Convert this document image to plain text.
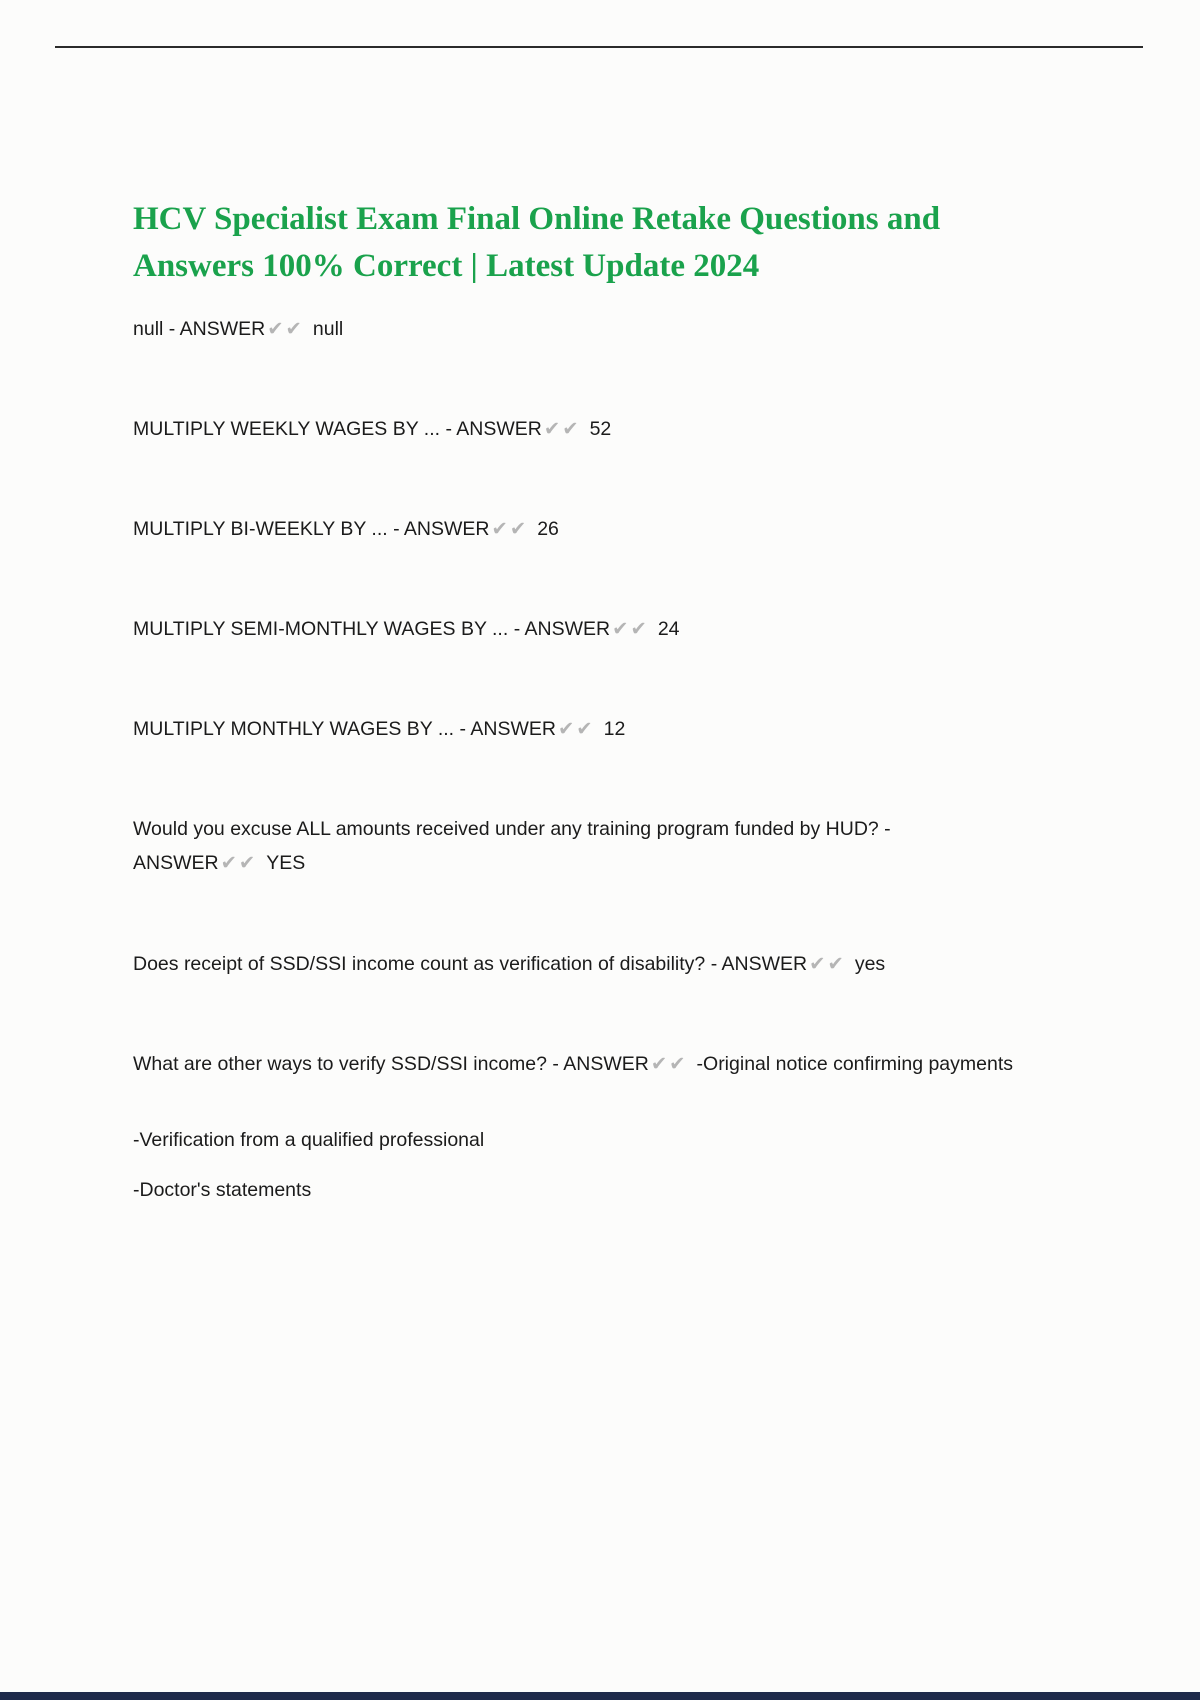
HCV Specialist Exam Final Online Retake Questions and Answers 100% Correct | Latest Update 2024

null - ANSWER ✔✔ null

MULTIPLY WEEKLY WAGES BY ... - ANSWER ✔✔ 52

MULTIPLY BI-WEEKLY BY ... - ANSWER ✔✔ 26

MULTIPLY SEMI-MONTHLY WAGES BY ... - ANSWER ✔✔ 24

MULTIPLY MONTHLY WAGES BY ... - ANSWER ✔✔ 12

Would you excuse ALL amounts received under any training program funded by HUD? - ANSWER ✔✔ YES

Does receipt of SSD/SSI income count as verification of disability? - ANSWER ✔✔ yes

What are other ways to verify SSD/SSI income? - ANSWER ✔✔ -Original notice confirming payments

-Verification from a qualified professional

-Doctor's statements
